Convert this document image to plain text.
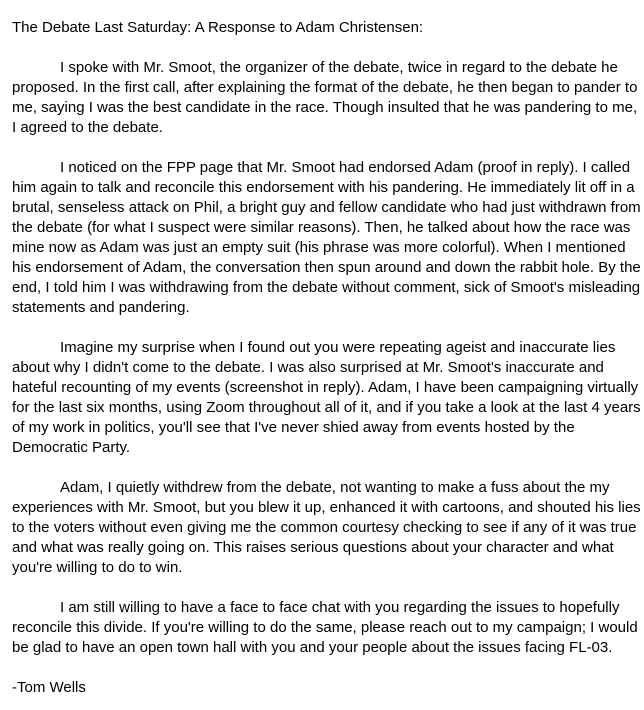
The Debate Last Saturday: A Response to Adam Christensen:

I spoke with Mr. Smoot, the organizer of the debate, twice in regard to the debate he proposed. In the first call, after explaining the format of the debate, he then began to pander to me, saying I was the best candidate in the race. Though insulted that he was pandering to me, I agreed to the debate.

I noticed on the FPP page that Mr. Smoot had endorsed Adam (proof in reply). I called him again to talk and reconcile this endorsement with his pandering. He immediately lit off in a brutal, senseless attack on Phil, a bright guy and fellow candidate who had just withdrawn from the debate (for what I suspect were similar reasons). Then, he talked about how the race was mine now as Adam was just an empty suit (his phrase was more colorful). When I mentioned his endorsement of Adam, the conversation then spun around and down the rabbit hole. By the end, I told him I was withdrawing from the debate without comment, sick of Smoot's misleading statements and pandering.

Imagine my surprise when I found out you were repeating ageist and inaccurate lies about why I didn't come to the debate. I was also surprised at Mr. Smoot's inaccurate and hateful recounting of my events (screenshot in reply). Adam, I have been campaigning virtually for the last six months, using Zoom throughout all of it, and if you take a look at the last 4 years of my work in politics, you'll see that I've never shied away from events hosted by the Democratic Party.

Adam, I quietly withdrew from the debate, not wanting to make a fuss about the my experiences with Mr. Smoot, but you blew it up, enhanced it with cartoons, and shouted his lies to the voters without even giving me the common courtesy checking to see if any of it was true and what was really going on. This raises serious questions about your character and what you're willing to do to win.

I am still willing to have a face to face chat with you regarding the issues to hopefully reconcile this divide. If you're willing to do the same, please reach out to my campaign; I would be glad to have an open town hall with you and your people about the issues facing FL-03.

-Tom Wells
